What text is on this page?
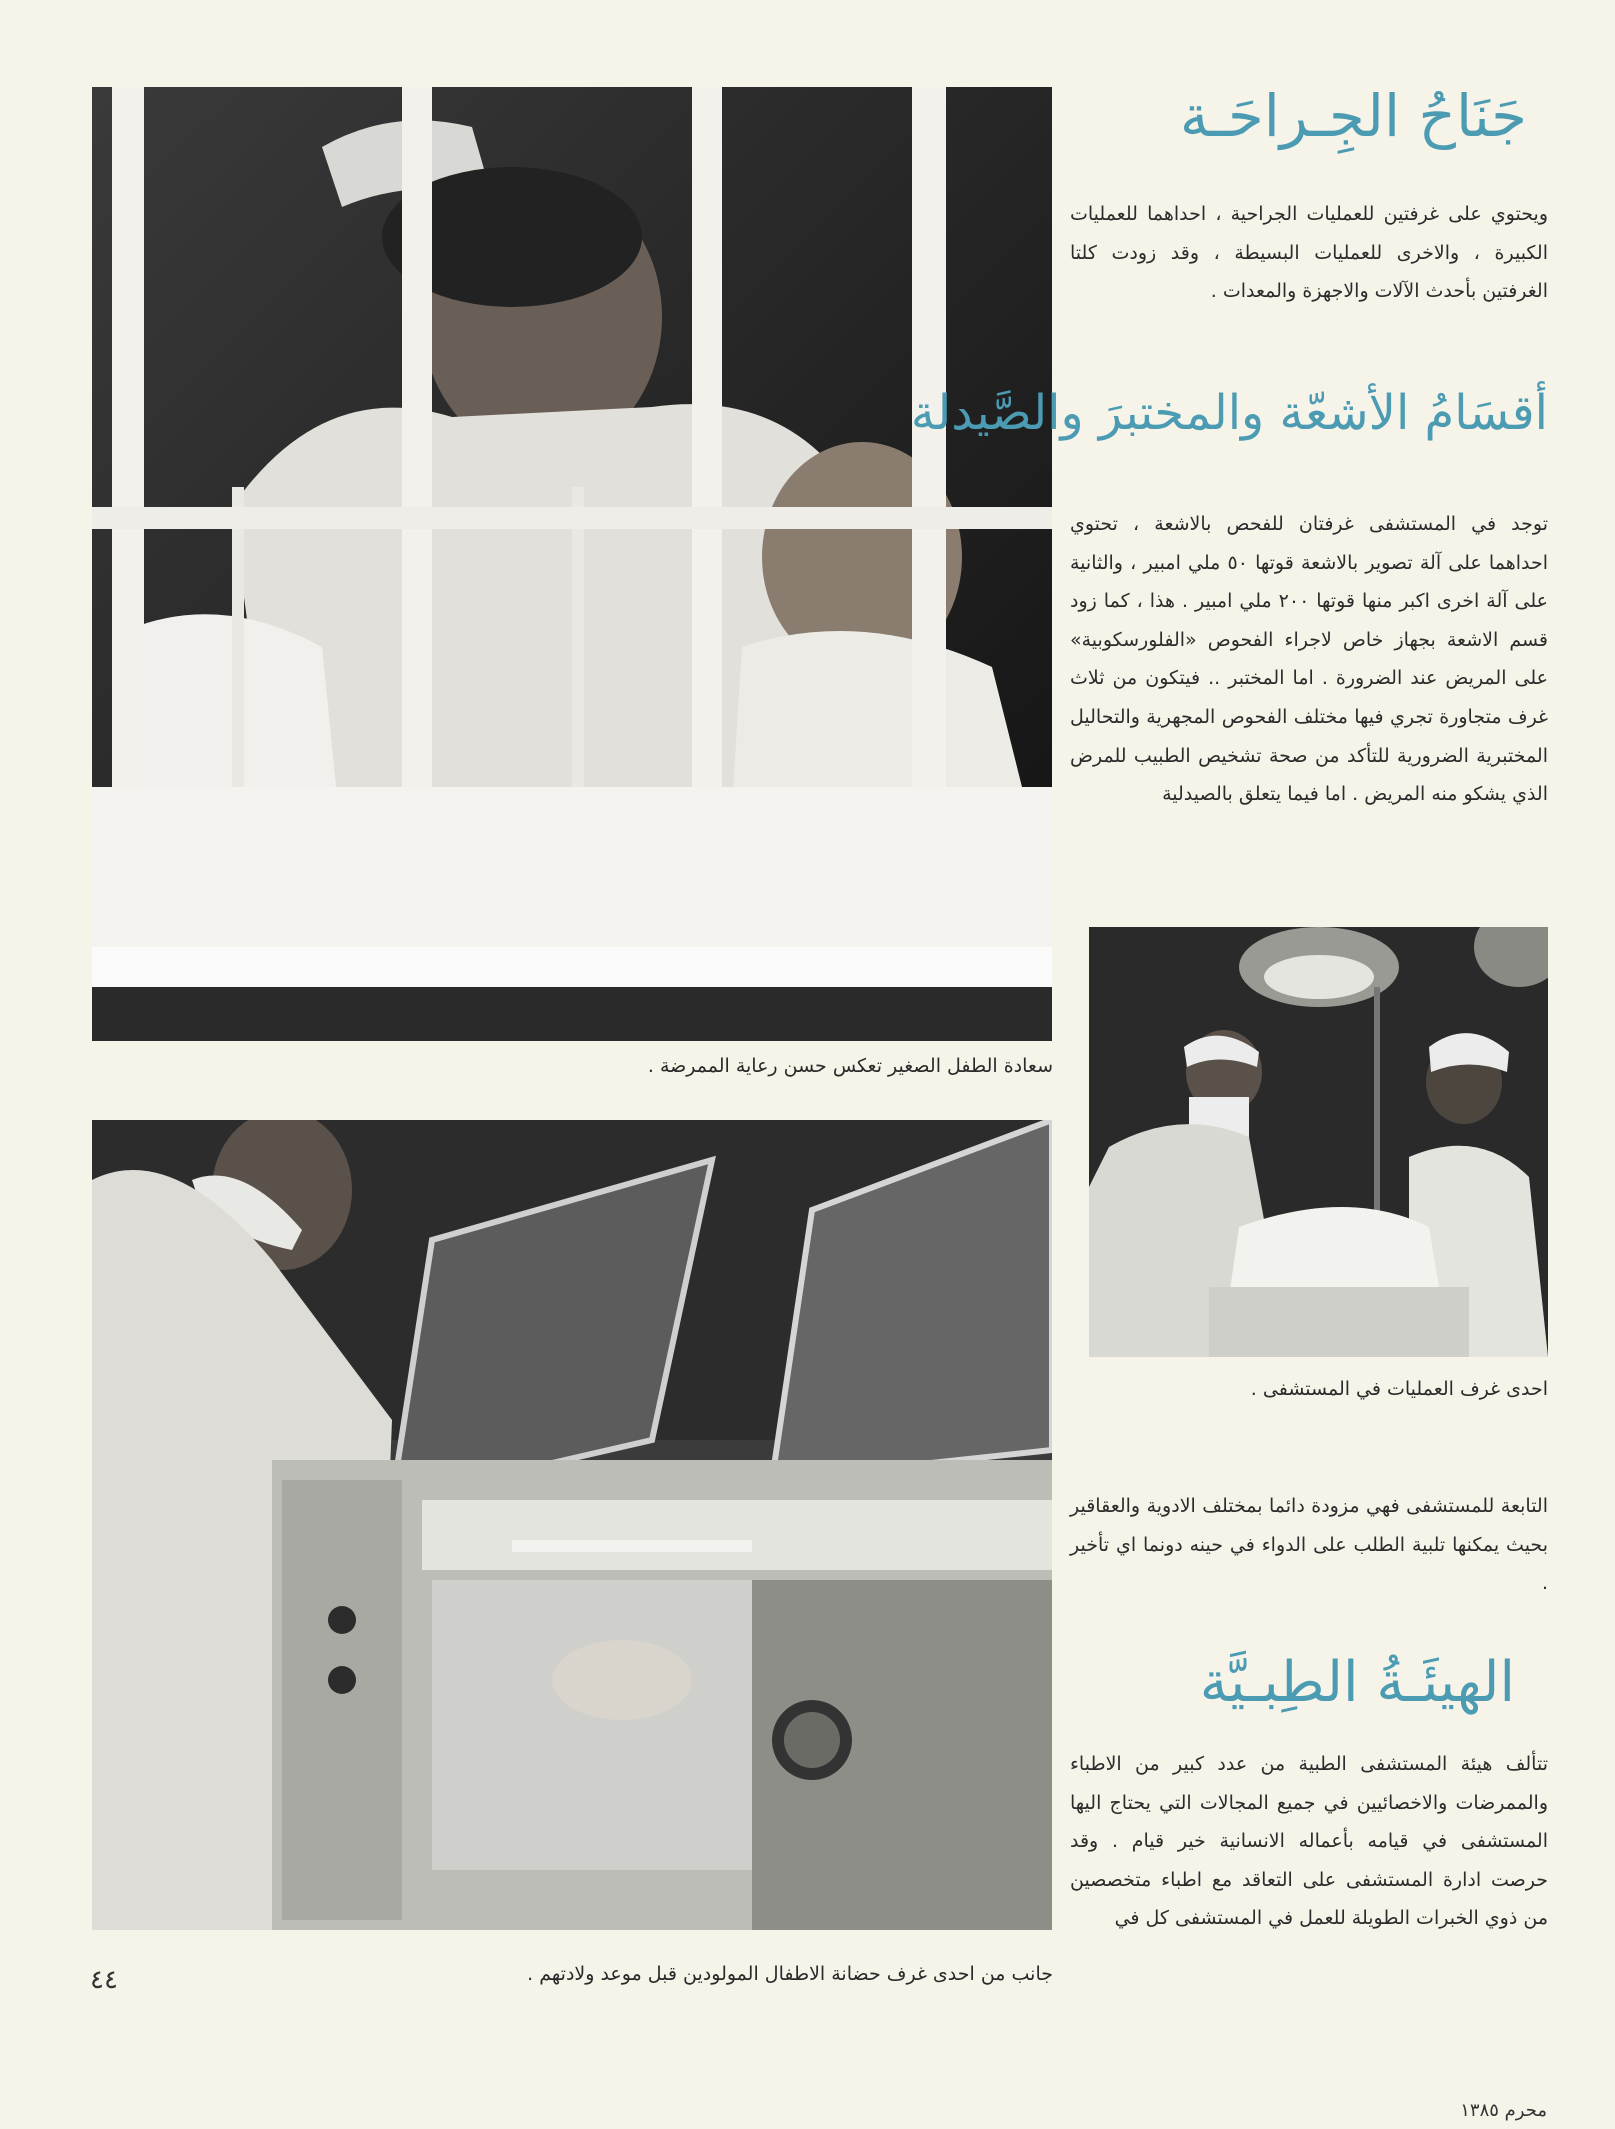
سعادة الطفل الصغير تعكس حسن رعاية الممرضة .
جانب من احدى غرف حضانة الاطفال المولودين قبل موعد ولادتهم .
احدى غرف العمليات في المستشفى .
جَنَاحُ الجِـراحَـة

ويحتوي على غرفتين للعمليات الجراحية ، احداهما للعمليات الكبيرة ، والاخرى للعمليات البسيطة ، وقد زودت كلتا الغرفتين بأحدث الآلات والاجهزة والمعدات .

أقسَامُ الأشعّة والمختبرَ والصَّيدلة

توجد في المستشفى غرفتان للفحص بالاشعة ، تحتوي احداهما على آلة تصوير بالاشعة قوتها ٥٠ ملي امبير ، والثانية على آلة اخرى اكبر منها قوتها ٢٠٠ ملي امبير . هذا ، كما زود قسم الاشعة بجهاز خاص لاجراء الفحوص «الفلورسكوبية» على المريض عند الضرورة . اما المختبر .. فيتكون من ثلاث غرف متجاورة تجري فيها مختلف الفحوص المجهرية والتحاليل المختبرية الضرورية للتأكد من صحة تشخيص الطبيب للمرض الذي يشكو منه المريض . اما فيما يتعلق بالصيدلية

التابعة للمستشفى فهي مزودة دائما بمختلف الادوية والعقاقير بحيث يمكنها تلبية الطلب على الدواء في حينه دونما اي تأخير .

الهيئَـةُ الطِبـيَّة

تتألف هيئة المستشفى الطبية من عدد كبير من الاطباء والممرضات والاخصائيين في جميع المجالات التي يحتاج اليها المستشفى في قيامه بأعماله الانسانية خير قيام . وقد حرصت ادارة المستشفى على التعاقد مع اطباء متخصصين من ذوي الخبرات الطويلة للعمل في المستشفى كل في

٤٤
محرم ١٣٨٥
